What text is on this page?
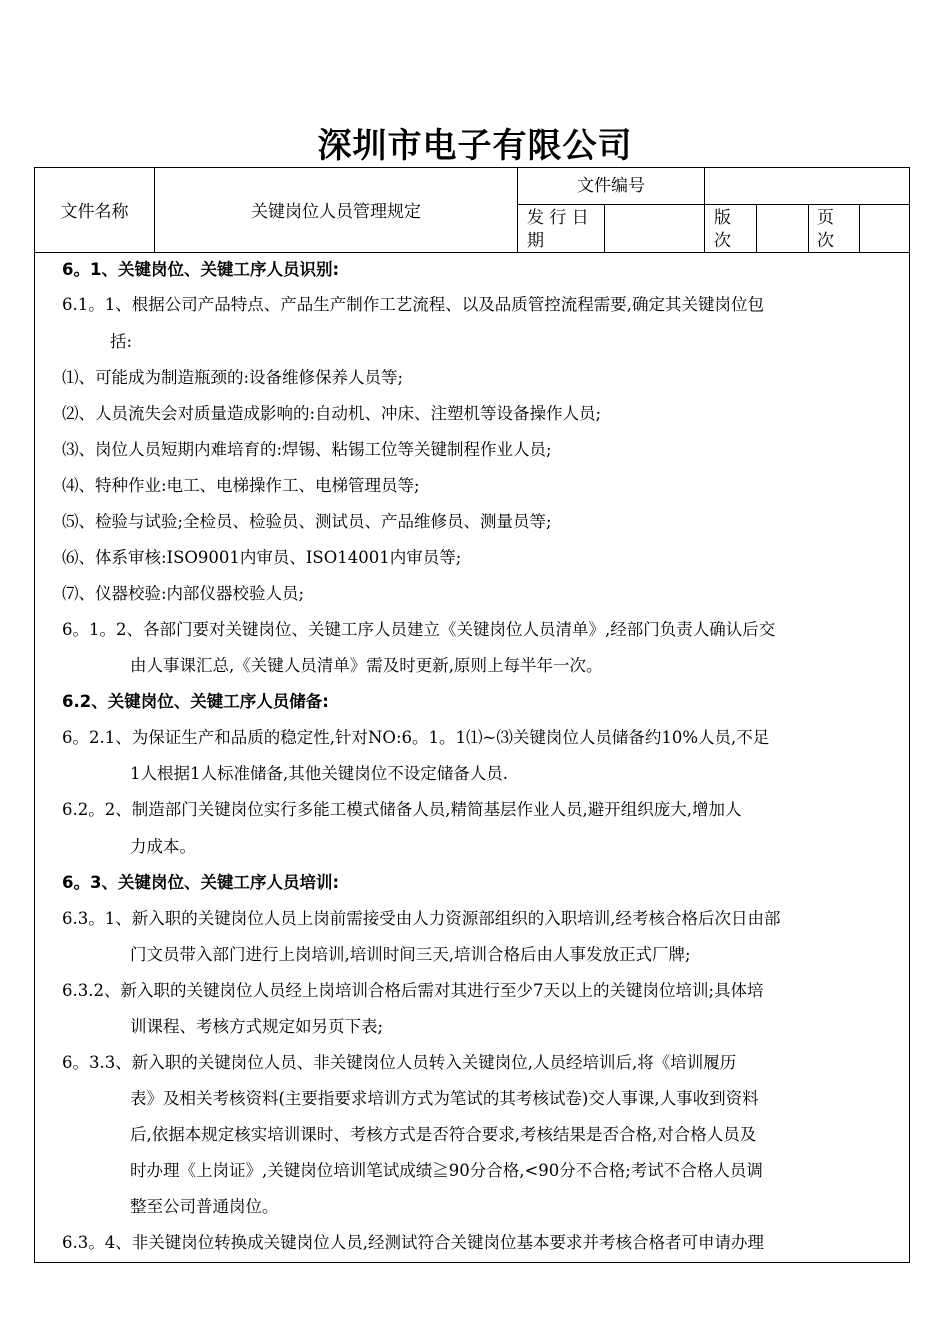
深圳市电子有限公司
文件名称	关键岗位人员管理规定
文件编号
发 行 日
期
版
次
页
次
6。1、关键岗位、关键工序人员识别:
6.1。1、根据公司产品特点、产品生产制作工艺流程、以及品质管控流程需要,确定其关键岗位包
括:
⑴、可能成为制造瓶颈的:设备维修保养人员等;
⑵、人员流失会对质量造成影响的:自动机、冲床、注塑机等设备操作人员;
⑶、岗位人员短期内难培育的:焊锡、粘锡工位等关键制程作业人员;
⑷、特种作业:电工、电梯操作工、电梯管理员等;
⑸、检验与试验;全检员、检验员、测试员、产品维修员、测量员等;
⑹、体系审核:ISO9001内审员、ISO14001内审员等;
⑺、仪器校验:内部仪器校验人员;
6。1。2、各部门要对关键岗位、关键工序人员建立《关键岗位人员清单》,经部门负责人确认后交
由人事课汇总,《关键人员清单》需及时更新,原则上每半年一次。
6.2、关键岗位、关键工序人员储备:
6。2.1、为保证生产和品质的稳定性,针对NO:6。1。1⑴~⑶关键岗位人员储备约10%人员,不足
1人根据1人标准储备,其他关键岗位不设定储备人员.
6.2。2、制造部门关键岗位实行多能工模式储备人员,精简基层作业人员,避开组织庞大,增加人
力成本。
6。3、关键岗位、关键工序人员培训:
6.3。1、新入职的关键岗位人员上岗前需接受由人力资源部组织的入职培训,经考核合格后次日由部
门文员带入部门进行上岗培训,培训时间三天,培训合格后由人事发放正式厂牌;
6.3.2、新入职的关键岗位人员经上岗培训合格后需对其进行至少7天以上的关键岗位培训;具体培
训课程、考核方式规定如另页下表;
6。3.3、新入职的关键岗位人员、非关键岗位人员转入关键岗位,人员经培训后,将《培训履历
表》及相关考核资料(主要指要求培训方式为笔试的其考核试卷)交人事课,人事收到资料
后,依据本规定核实培训课时、考核方式是否符合要求,考核结果是否合格,对合格人员及
时办理《上岗证》,关键岗位培训笔试成绩≧90分合格,<90分不合格;考试不合格人员调
整至公司普通岗位。
6.3。4、非关键岗位转换成关键岗位人员,经测试符合关键岗位基本要求并考核合格者可申请办理
